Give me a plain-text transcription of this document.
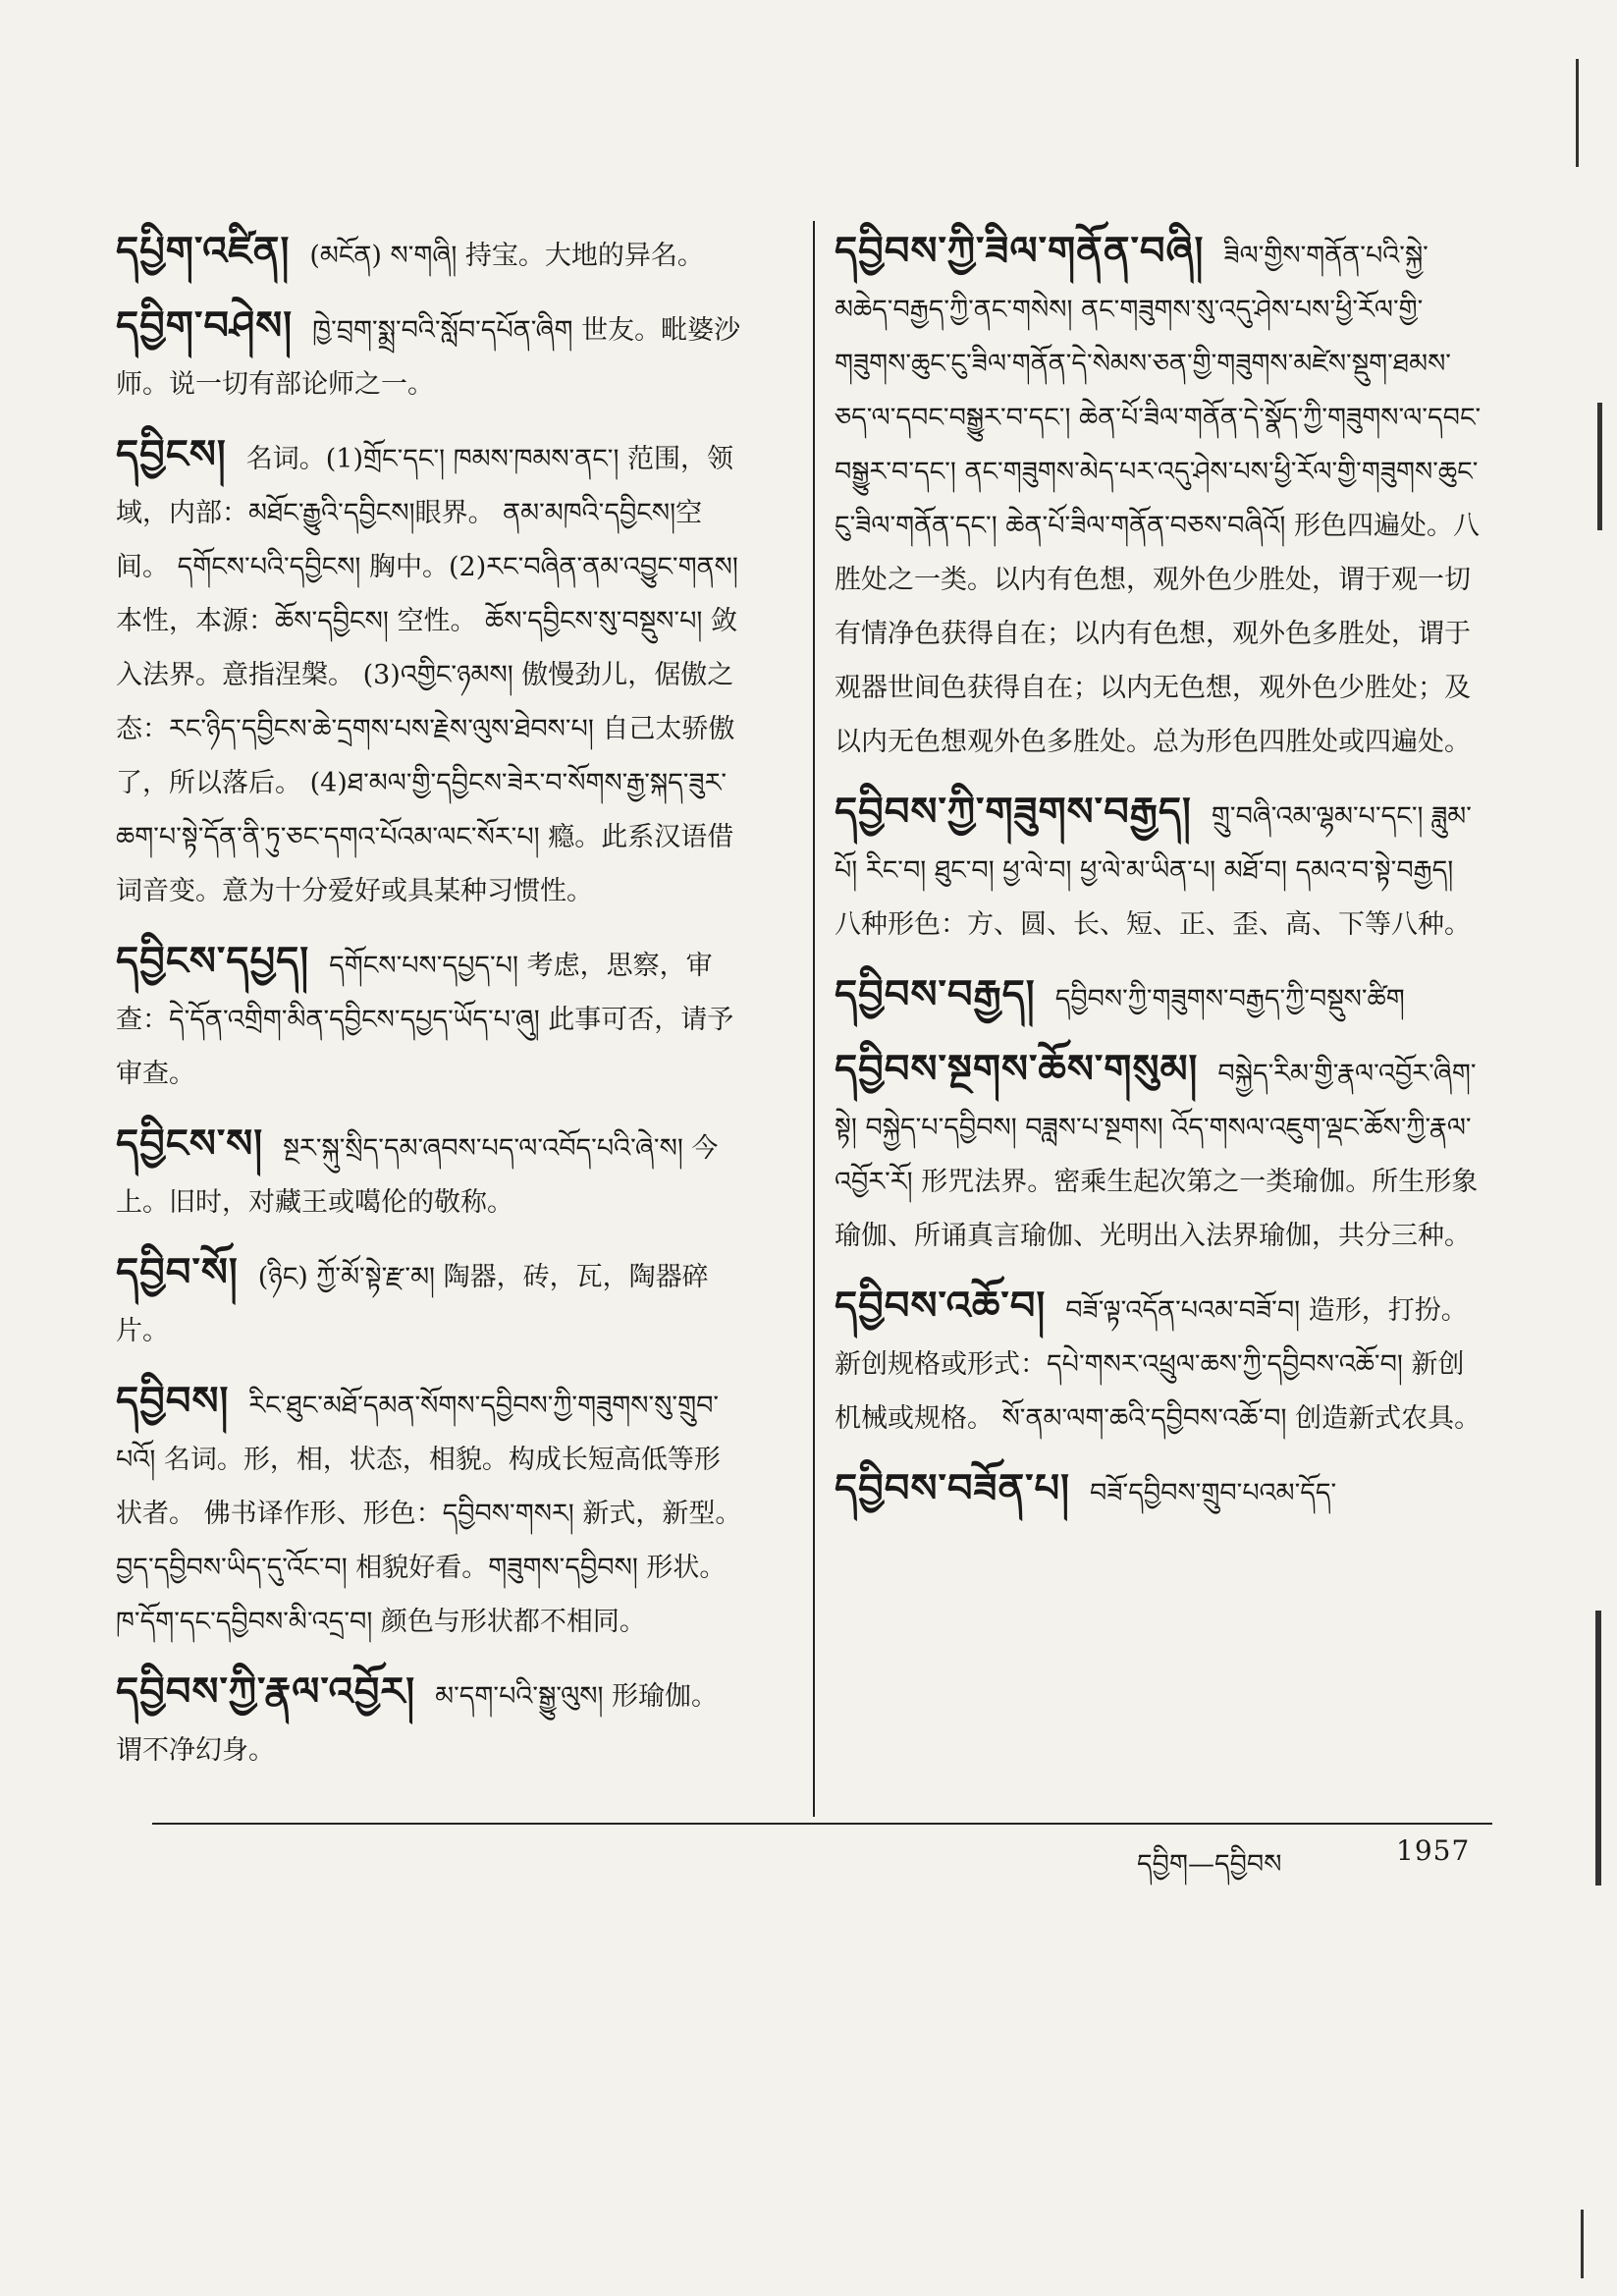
དཔྱིག་འཛིན། (མངོན) ས་གཞི། 持宝。大地的异名。
དབྱིག་བཤེས། ཁྱེ་བྲག་སྨྲ་བའི་སློབ་དཔོན་ཞིག 世友。毗婆沙师。说一切有部论师之一。
དབྱིངས། 名词。(1)གྲོང་དང་། ཁམས་ཁམས་ནང་། 范围，领域，内部：མཐོང་རྒྱུའི་དབྱིངས།眼界。 ནམ་མཁའི་དབྱིངས།空间。 དགོངས་པའི་དབྱིངས། 胸中。(2)རང་བཞིན་ནམ་འབྱུང་གནས། 本性，本源：ཆོས་དབྱིངས། 空性。 ཆོས་དབྱིངས་སུ་བསྡུས་པ། 敛入法界。意指涅槃。 (3)འགྱིང་ཉམས། 傲慢劲儿，倨傲之态：རང་ཉིད་དབྱིངས་ཆེ་དྲགས་པས་རྗེས་ལུས་ཐེབས་པ། 自己太骄傲了，所以落后。 (4)ཐ་མལ་གྱི་དབྱིངས་ཟེར་བ་སོགས་རྒྱ་སྐད་ཟུར་ཆག་པ་སྟེ་དོན་ནི་ཏུ་ཅང་དགའ་པོའམ་ལང་སོར་པ། 瘾。此系汉语借词音变。意为十分爱好或具某种习惯性。
དབྱིངས་དཔྱད། དགོངས་པས་དཔྱད་པ། 考虑，思察，审查：དེ་དོན་འགྲིག་མིན་དབྱིངས་དཔྱད་ཡོད་པ་ཞུ། 此事可否，请予审查。
དབྱིངས་ས། སྔར་སྐུ་སྲིད་དམ་ཞབས་པད་ལ་འབོད་པའི་ཞེ་ས། 今上。旧时，对藏王或噶伦的敬称。
དབྱིབ་སོ། (ཉིང) ཀྱོ་མོ་སྟེ་རྫ་མ། 陶器，砖，瓦，陶器碎片。
དབྱིབས། རིང་ཐུང་མཐོ་དམན་སོགས་དབྱིབས་ཀྱི་གཟུགས་སུ་གྲུབ་པའོ། 名词。形，相，状态，相貌。构成长短高低等形状者。 佛书译作形、形色：དབྱིབས་གསར། 新式，新型。 བྱད་དབྱིབས་ཡིད་དུ་འོང་བ། 相貌好看。གཟུགས་དབྱིབས། 形状。ཁ་དོག་དང་དབྱིབས་མི་འདྲ་བ། 颜色与形状都不相同。
དབྱིབས་ཀྱི་རྣལ་འབྱོར། མ་དག་པའི་སྒྱུ་ལུས། 形瑜伽。谓不净幻身。
དབྱིབས་ཀྱི་ཟིལ་གནོན་བཞི། ཟིལ་གྱིས་གནོན་པའི་སྐྱེ་མཆེད་བརྒྱད་ཀྱི་ནང་གསེས། ནང་གཟུགས་སུ་འདུ་ཤེས་པས་ཕྱི་རོལ་གྱི་གཟུགས་ཆུང་ངུ་ཟིལ་གནོན་དེ་སེམས་ཅན་གྱི་གཟུགས་མཛེས་སྡུག་ཐམས་ཅད་ལ་དབང་བསྒྱུར་བ་དང་། ཆེན་པོ་ཟིལ་གནོན་དེ་སྣོད་ཀྱི་གཟུགས་ལ་དབང་བསྒྱུར་བ་དང་། ནང་གཟུགས་མེད་པར་འདུ་ཤེས་པས་ཕྱི་རོལ་གྱི་གཟུགས་ཆུང་ངུ་ཟིལ་གནོན་དང་། ཆེན་པོ་ཟིལ་གནོན་བཅས་བཞིའོ། 形色四遍处。八胜处之一类。以内有色想，观外色少胜处，谓于观一切有情净色获得自在；以内有色想，观外色多胜处，谓于观器世间色获得自在；以内无色想，观外色少胜处；及以内无色想观外色多胜处。总为形色四胜处或四遍处。
དབྱིབས་ཀྱི་གཟུགས་བརྒྱད། གྲུ་བཞི་འམ་ལྷམ་པ་དང་། ཟླུམ་པོ། རིང་བ། ཐུང་བ། ཕྱ་ལེ་བ། ཕྱ་ལེ་མ་ཡིན་པ། མཐོ་བ། དམའ་བ་སྟེ་བརྒྱད། 八种形色：方、圆、长、短、正、歪、高、下等八种。
དབྱིབས་བརྒྱད། དབྱིབས་ཀྱི་གཟུགས་བརྒྱད་ཀྱི་བསྡུས་ཚིག
དབྱིབས་སྔགས་ཆོས་གསུམ། བསྐྱེད་རིམ་གྱི་རྣལ་འབྱོར་ཞིག་སྟེ། བསྐྱེད་པ་དབྱིབས། བཟླས་པ་སྔགས། འོད་གསལ་འཇུག་ལྡང་ཆོས་ཀྱི་རྣལ་འབྱོར་རོ། 形咒法界。密乘生起次第之一类瑜伽。所生形象瑜伽、所诵真言瑜伽、光明出入法界瑜伽，共分三种。
དབྱིབས་འཆོ་བ། བཟོ་ལྟ་འདོན་པའམ་བཟོ་བ། 造形，打扮。新创规格或形式：དཔེ་གསར་འཕྲུལ་ཆས་ཀྱི་དབྱིབས་འཆོ་བ། 新创机械或规格。 སོ་ནམ་ལག་ཆའི་དབྱིབས་འཆོ་བ། 创造新式农具。
དབྱིབས་བཟོན་པ། བཟོ་དབྱིབས་གྲུབ་པའམ་དོད་
དབྱིག—དབྱིབས	1957
